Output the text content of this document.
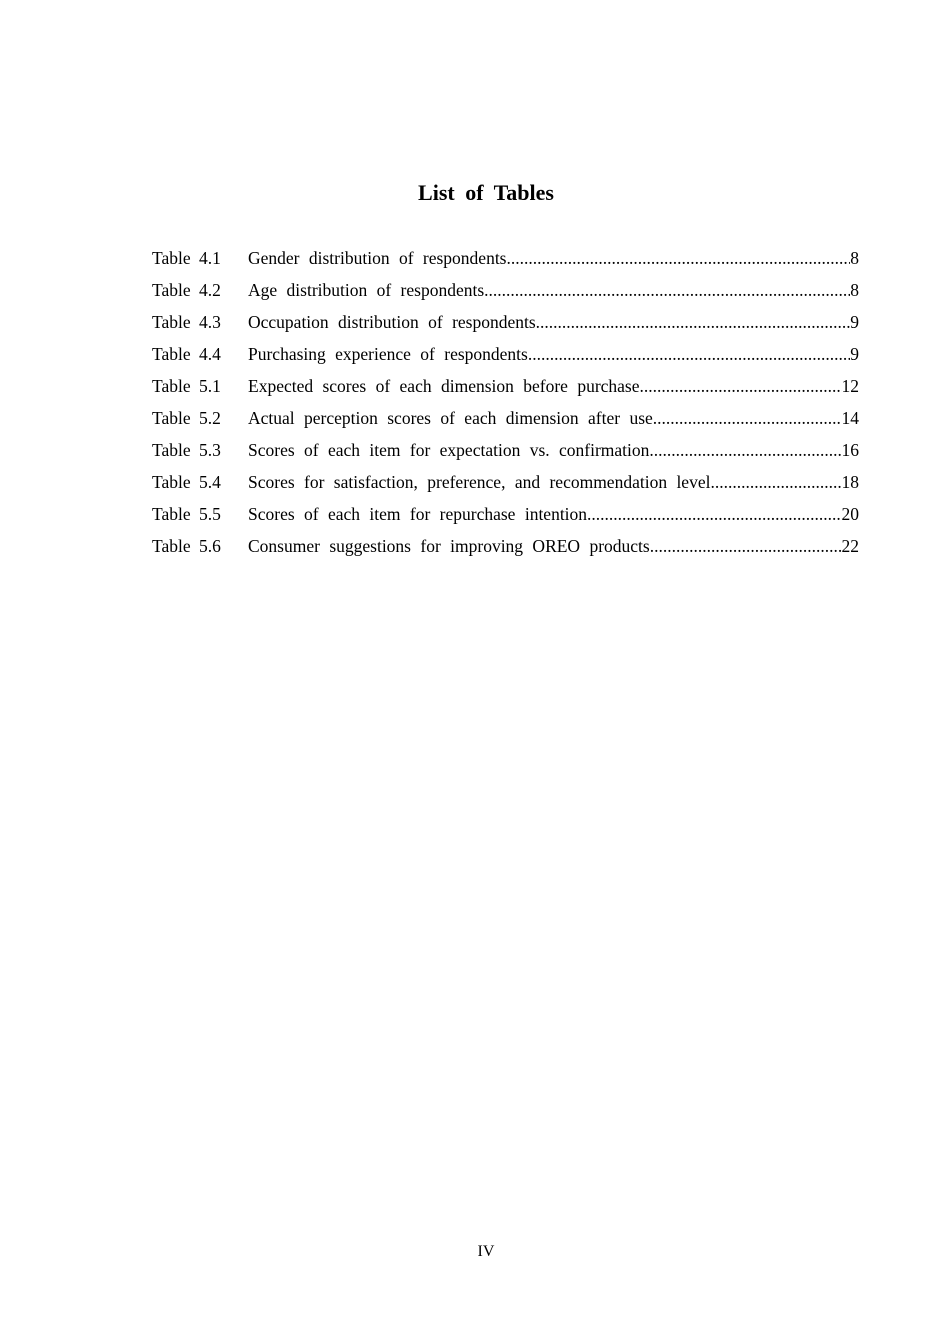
List of Tables
Table 4.1	Gender distribution of respondents .....	8
Table 4.2	Age distribution of respondents .....	8
Table 4.3	Occupation distribution of respondents .....	9
Table 4.4	Purchasing experience of respondents .....	9
Table 5.1	Expected scores of each dimension before purchase .....	12
Table 5.2	Actual perception scores of each dimension after use .....	14
Table 5.3	Scores of each item for expectation vs. confirmation .....	16
Table 5.4	Scores for satisfaction, preference, and recommendation level .....	18
Table 5.5	Scores of each item for repurchase intention .....	20
Table 5.6	Consumer suggestions for improving OREO products .....	22
IV
